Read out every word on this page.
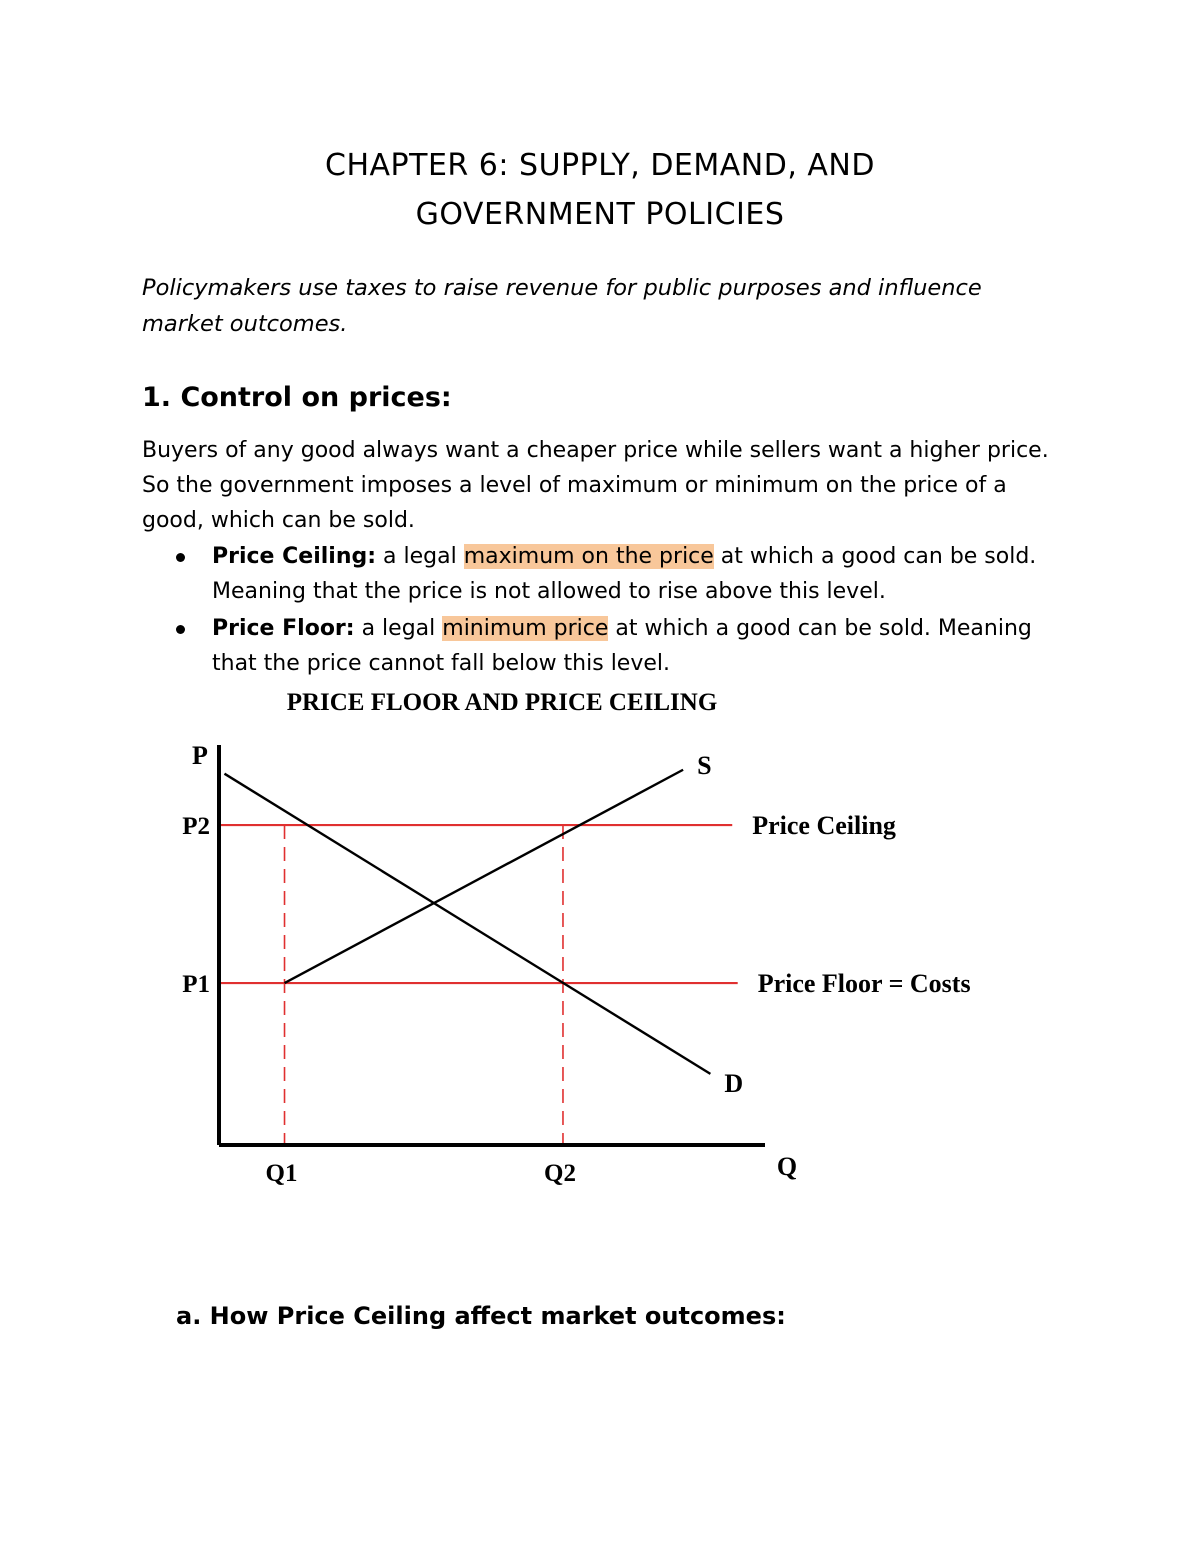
CHAPTER 6: SUPPLY, DEMAND, AND
GOVERNMENT POLICIES
Policymakers use taxes to raise revenue for public purposes and influence market outcomes.
1. Control on prices:
Buyers of any good always want a cheaper price while sellers want a higher price. So the government imposes a level of maximum or minimum on the price of a good, which can be sold.
Price Ceiling: a legal maximum on the price at which a good can be sold. Meaning that the price is not allowed to rise above this level.
Price Floor: a legal minimum price at which a good can be sold. Meaning that the price cannot fall below this level.
PRICE FLOOR AND PRICE CEILING
Price Ceiling
Price Floor = Costs
S
D
P
Q
P1
P2
Q1	Q2
a. How Price Ceiling affect market outcomes:
